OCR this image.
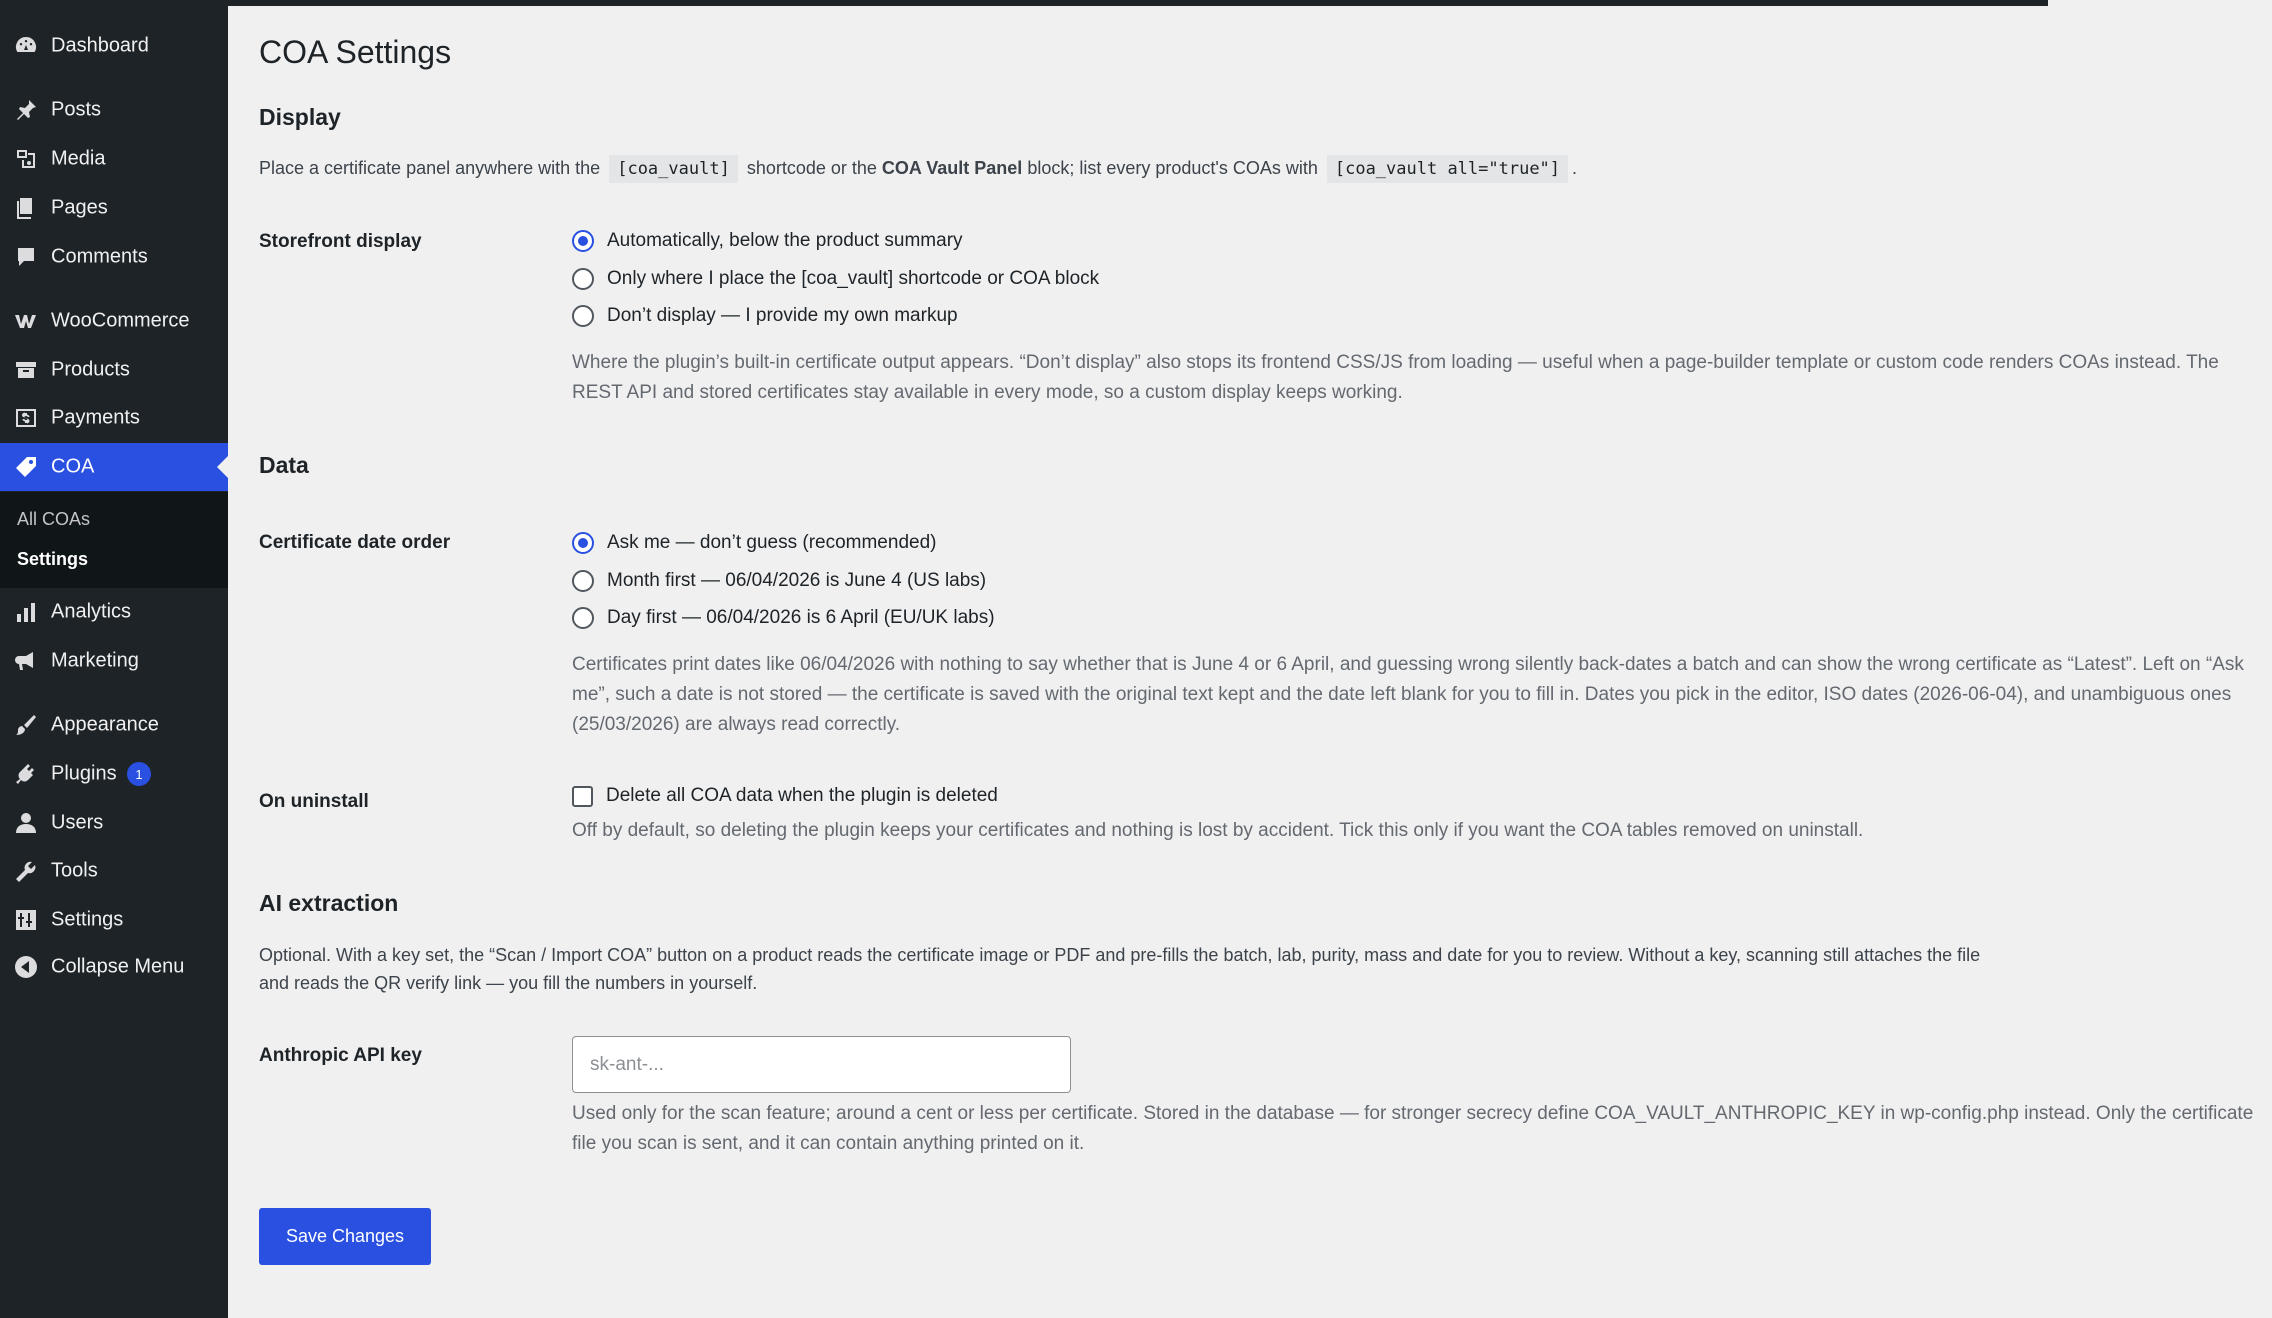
Dashboard
Posts
Media
Pages
Comments
WooCommerce
Products
Payments
COA
All COAs
Settings
Analytics
Marketing
Appearance
Plugins	1
Users
Tools
Settings
Collapse Menu
COA Settings
Display

Place a certificate panel anywhere with the [coa_vault] shortcode or the COA Vault Panel block; list every product's COAs with [coa_vault all="true"] .

Storefront display	Automatically, below the product summary
Only where I place the [coa_vault] shortcode or COA block
Don’t display — I provide my own markup

Where the plugin’s built-in certificate output appears. “Don’t display” also stops its frontend CSS/JS from loading — useful when a page-builder template or custom code renders COAs instead. The REST API and stored certificates stay available in every mode, so a custom display keeps working.

Data
Certificate date order	Ask me — don’t guess (recommended)
Month first — 06/04/2026 is June 4 (US labs)
Day first — 06/04/2026 is 6 April (EU/UK labs)

Certificates print dates like 06/04/2026 with nothing to say whether that is June 4 or 6 April, and guessing wrong silently back-dates a batch and can show the wrong certificate as “Latest”. Left on “Ask me”, such a date is not stored — the certificate is saved with the original text kept and the date left blank for you to fill in. Dates you pick in the editor, ISO dates (2026-06-04), and unambiguous ones (25/03/2026) are always read correctly.

On uninstall	Delete all COA data when the plugin is deleted

Off by default, so deleting the plugin keeps your certificates and nothing is lost by accident. Tick this only if you want the COA tables removed on uninstall.

AI extraction

Optional. With a key set, the “Scan / Import COA” button on a product reads the certificate image or PDF and pre-fills the batch, lab, purity, mass and date for you to review. Without a key, scanning still attaches the file and reads the QR verify link — you fill the numbers in yourself.

Anthropic API key
sk-ant-...

Used only for the scan feature; around a cent or less per certificate. Stored in the database — for stronger secrecy define COA_VAULT_ANTHROPIC_KEY in wp-config.php instead. Only the certificate file you scan is sent, and it can contain anything printed on it.

Save Changes
